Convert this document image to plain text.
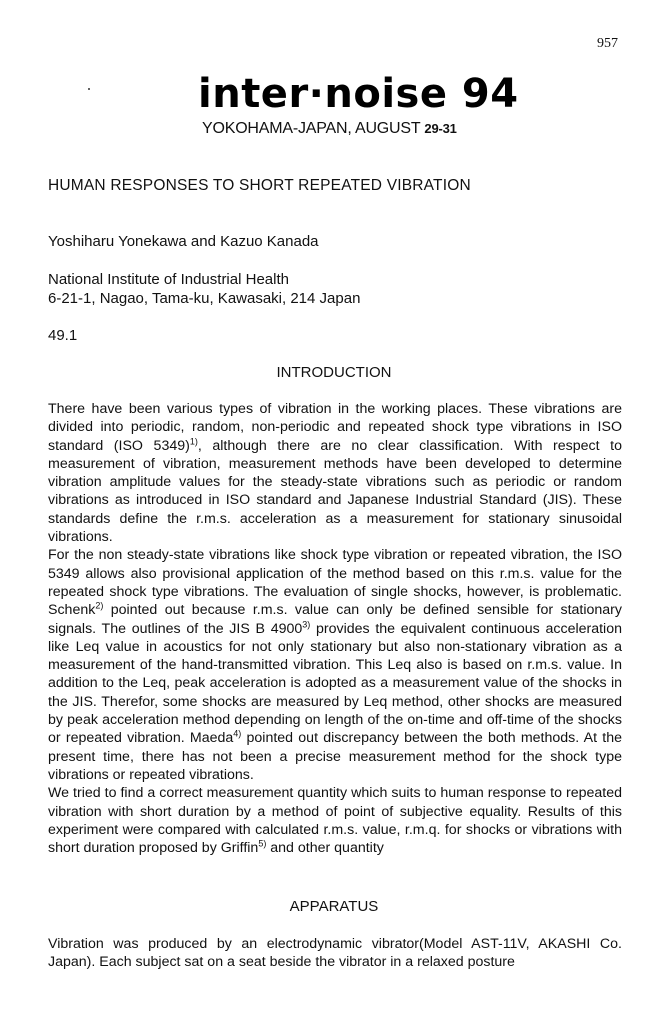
957
inter·noise 94
YOKOHAMA-JAPAN, AUGUST 29-31
HUMAN RESPONSES TO SHORT REPEATED VIBRATION
Yoshiharu Yonekawa and Kazuo Kanada
National Institute of Industrial Health
6-21-1, Nagao, Tama-ku, Kawasaki, 214 Japan
49.1
INTRODUCTION

There have been various types of vibration in the working places. These vibrations are divided into periodic, random, non-periodic and repeated shock type vibrations in ISO standard (ISO 5349)$^{1)}$, although there are no clear classification. With respect to measurement of vibration, measurement methods have been developed to determine vibration amplitude values for the steady-state vibrations such as periodic or random vibrations as introduced in ISO standard and Japanese Industrial Standard (JIS). These standards define the r.m.s. acceleration as a measurement for stationary sinusoidal vibrations.

For the non steady-state vibrations like shock type vibration or repeated vibration, the ISO 5349 allows also provisional application of the method based on this r.m.s. value for the repeated shock type vibrations. The evaluation of single shocks, however, is problematic. Schenk$^{2)}$ pointed out because r.m.s. value can only be defined sensible for stationary signals. The outlines of the JIS B 4900$^{3)}$ provides the equivalent continuous acceleration like Leq value in acoustics for not only stationary but also non-stationary vibration as a measurement of the hand-transmitted vibration. This Leq also is based on r.m.s. value. In addition to the Leq, peak acceleration is adopted as a measurement value of the shocks in the JIS. Therefor, some shocks are measured by Leq method, other shocks are measured by peak acceleration method depending on length of the on-time and off-time of the shocks or repeated vibration. Maeda$^{4)}$ pointed out discrepancy between the both methods. At the present time, there has not been a precise measurement method for the shock type vibrations or repeated vibrations.

We tried to find a correct measurement quantity which suits to human response to repeated vibration with short duration by a method of point of subjective equality. Results of this experiment were compared with calculated r.m.s. value, r.m.q. for shocks or vibrations with short duration proposed by Griffin$^{5)}$ and other quantity

APPARATUS

Vibration was produced by an electrodynamic vibrator(Model AST-11V, AKASHI Co. Japan). Each subject sat on a seat beside the vibrator in a relaxed posture
